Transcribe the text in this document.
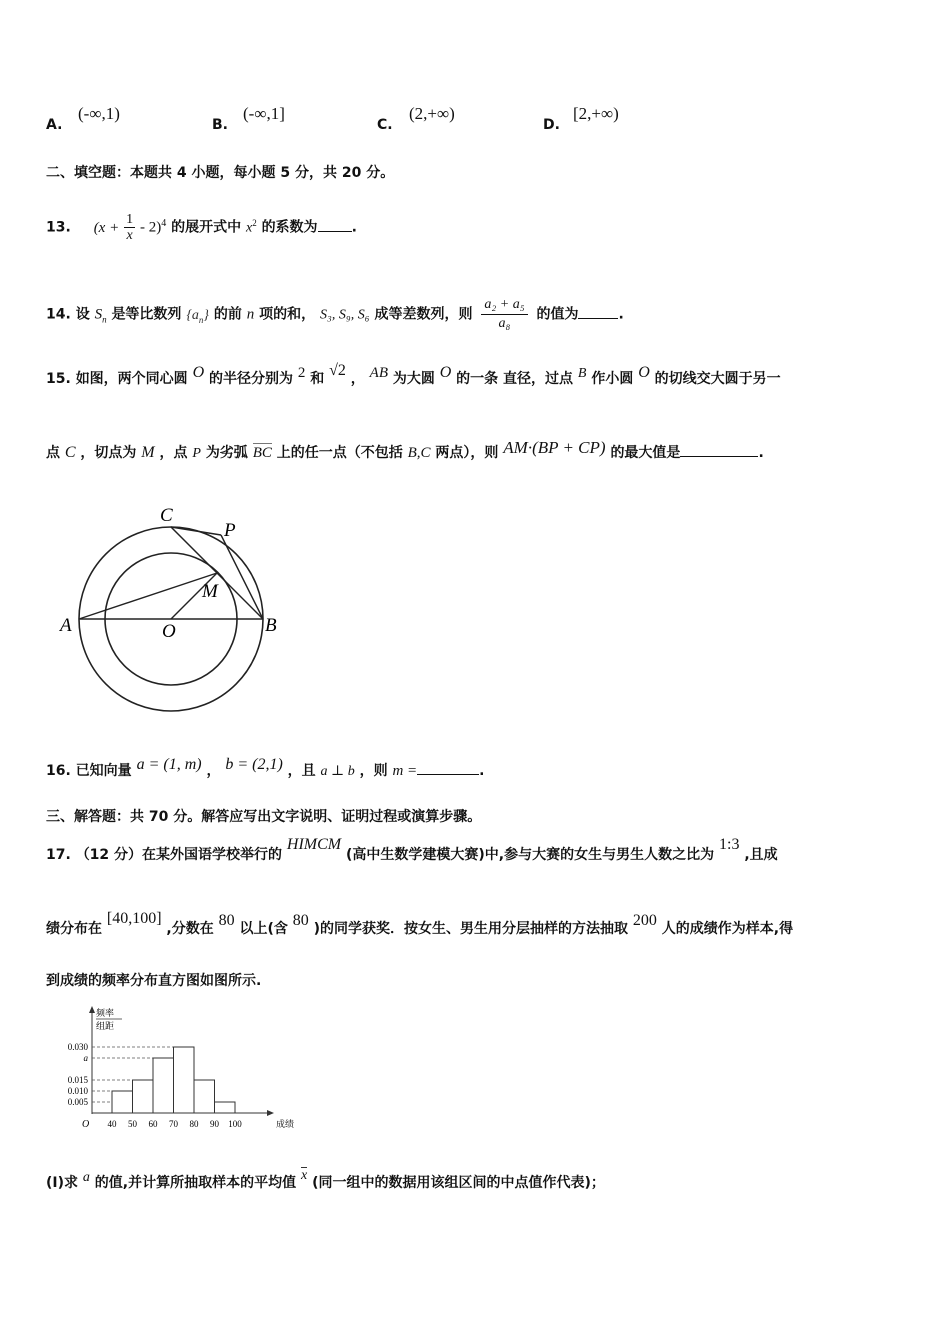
A.
(-∞,1)
B.
(-∞,1]
C.
(2,+∞)
D.
[2,+∞)
二、填空题：本题共 4 小题，每小题 5 分，共 20 分。
13. $(x + \frac{1}{x} - 2)^4$ 的展开式中 $x^2$ 的系数为 .
14. 设 $S_n$ 是等比数列 $\{a_n\}$ 的前 n 项的和， S₃, S₉, S₆ 成等差数列，则 $\frac{\text{a₂ + a₅}}{\text{a₈}}$ 的值为	.
15. 如图，两个同心圆 O 的半径分别为 2 和 √2 ， AB 为大圆 O 的一条 直径，过点 B 作小圆 O 的切线交大圆于另一
点 C ，切点为 M ，点 P 为劣弧 BC 上的任一点（不包括 B,C 两点），则 AM·(BP + CP) 的最大值是	.
C
P
M
A	O	B
16. 已知向量 a = (1, m) ， b = (2,1) ，且 a ⊥ b ，则 m =	.
三、解答题：共 70 分。解答应写出文字说明、证明过程或演算步骤。
17. （12 分）在某外国语学校举行的 HIMCM (高中生数学建模大赛)中,参与大赛的女生与男生人数之比为 1:3 ,且成
绩分布在 [40,100] ,分数在 80 以上(含 80 )的同学获奖．按女生、男生用分层抽样的方法抽取 200 人的成绩作为样本,得
到成绩的频率分布直方图如图所示.
频率
组距
O	成绩
0.005
0.010
0.015
a
0.030
40 50 60 70 80 90 100
(Ⅰ)求 a 的值,并计算所抽取样本的平均值 x (同一组中的数据用该组区间的中点值作代表)；
